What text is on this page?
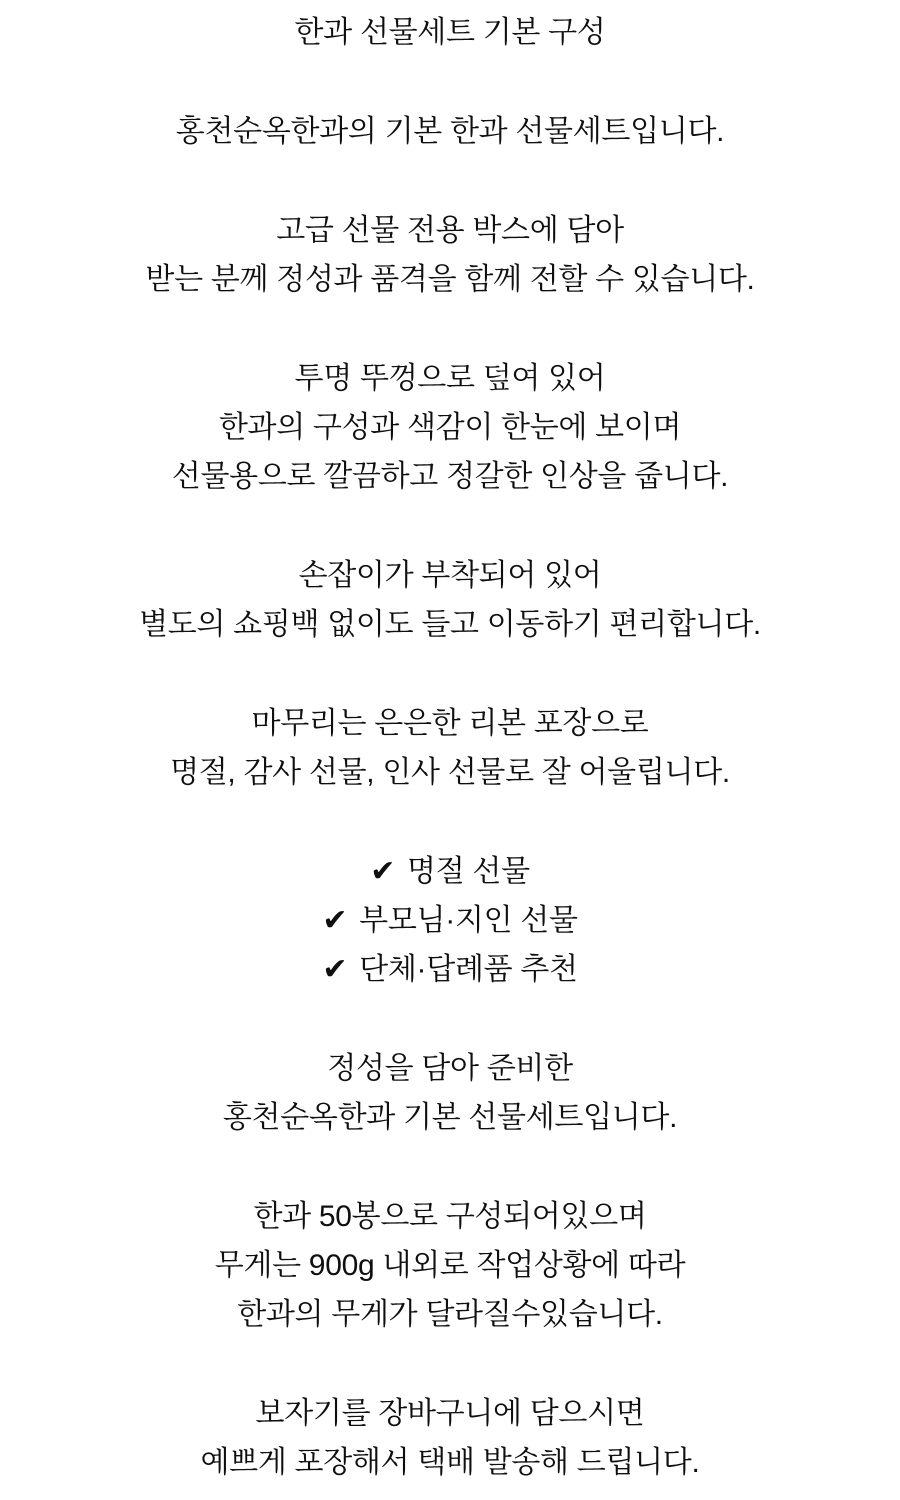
한과 선물세트 기본 구성

홍천순옥한과의 기본 한과 선물세트입니다.

고급 선물 전용 박스에 담아
받는 분께 정성과 품격을 함께 전할 수 있습니다.

투명 뚜껑으로 덮여 있어
한과의 구성과 색감이 한눈에 보이며
선물용으로 깔끔하고 정갈한 인상을 줍니다.

손잡이가 부착되어 있어
별도의 쇼핑백 없이도 들고 이동하기 편리합니다.

마무리는 은은한 리본 포장으로
명절, 감사 선물, 인사 선물로 잘 어울립니다.

✔ 명절 선물
✔ 부모님·지인 선물
✔ 단체·답례품 추천

정성을 담아 준비한
홍천순옥한과 기본 선물세트입니다.

한과 50봉으로 구성되어있으며
무게는 900g 내외로 작업상황에 따라
한과의 무게가 달라질수있습니다.

보자기를 장바구니에 담으시면
예쁘게 포장해서 택배 발송해 드립니다.
